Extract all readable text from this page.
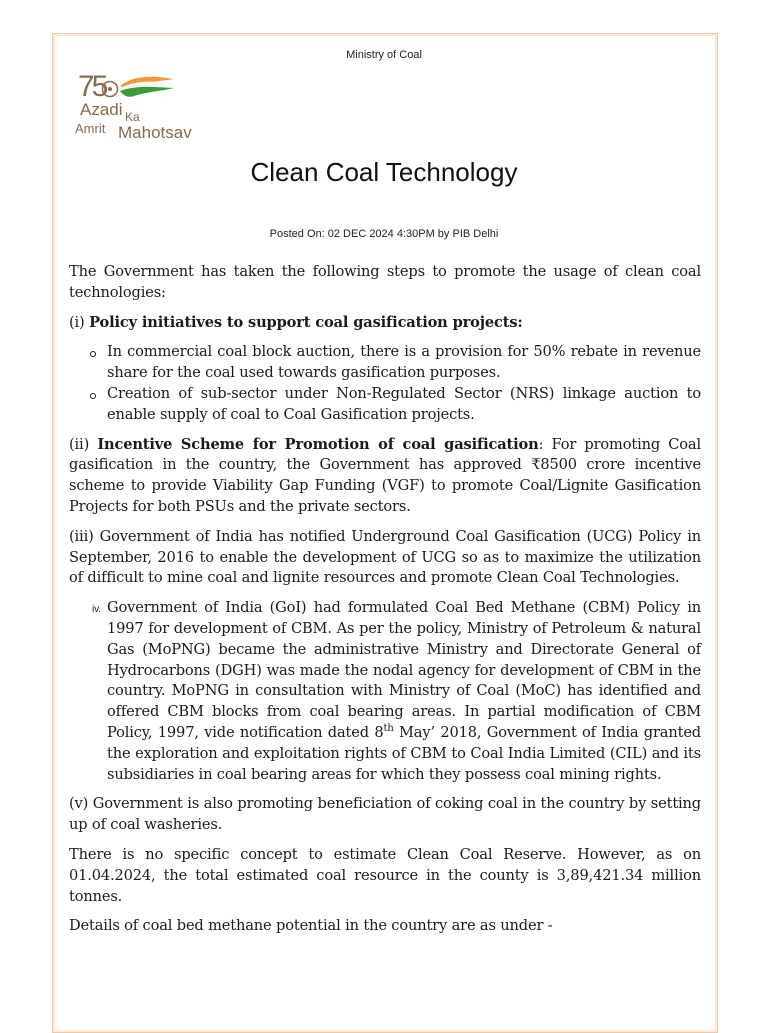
Ministry of Coal
75
Azadi Ka
Amrit Mahotsav
Clean Coal Technology
Posted On: 02 DEC 2024 4:30PM by PIB Delhi

The Government has taken the following steps to promote the usage of clean coal technologies:

(i) Policy initiatives to support coal gasification projects:

In commercial coal block auction, there is a provision for 50% rebate in revenue share for the coal used towards gasification purposes.
Creation of sub-sector under Non-Regulated Sector (NRS) linkage auction to enable supply of coal to Coal Gasification projects.

(ii) Incentive Scheme for Promotion of coal gasification: For promoting Coal gasification in the country, the Government has approved ₹8500 crore incentive scheme to provide Viability Gap Funding (VGF) to promote Coal/Lignite Gasification Projects for both PSUs and the private sectors.

(iii) Government of India has notified Underground Coal Gasification (UCG) Policy in September, 2016 to enable the development of UCG so as to maximize the utilization of difficult to mine coal and lignite resources and promote Clean Coal Technologies.

iv. Government of India (GoI) had formulated Coal Bed Methane (CBM) Policy in 1997 for development of CBM. As per the policy, Ministry of Petroleum & natural Gas (MoPNG) became the administrative Ministry and Directorate General of Hydrocarbons (DGH) was made the nodal agency for development of CBM in the country. MoPNG in consultation with Ministry of Coal (MoC) has identified and offered CBM blocks from coal bearing areas. In partial modification of CBM Policy, 1997, vide notification dated 8th May’ 2018, Government of India granted the exploration and exploitation rights of CBM to Coal India Limited (CIL) and its subsidiaries in coal bearing areas for which they possess coal mining rights.

(v) Government is also promoting beneficiation of coking coal in the country by setting up of coal washeries.

There is no specific concept to estimate Clean Coal Reserve. However, as on 01.04.2024, the total estimated coal resource in the county is 3,89,421.34 million tonnes.

Details of coal bed methane potential in the country are as under -
